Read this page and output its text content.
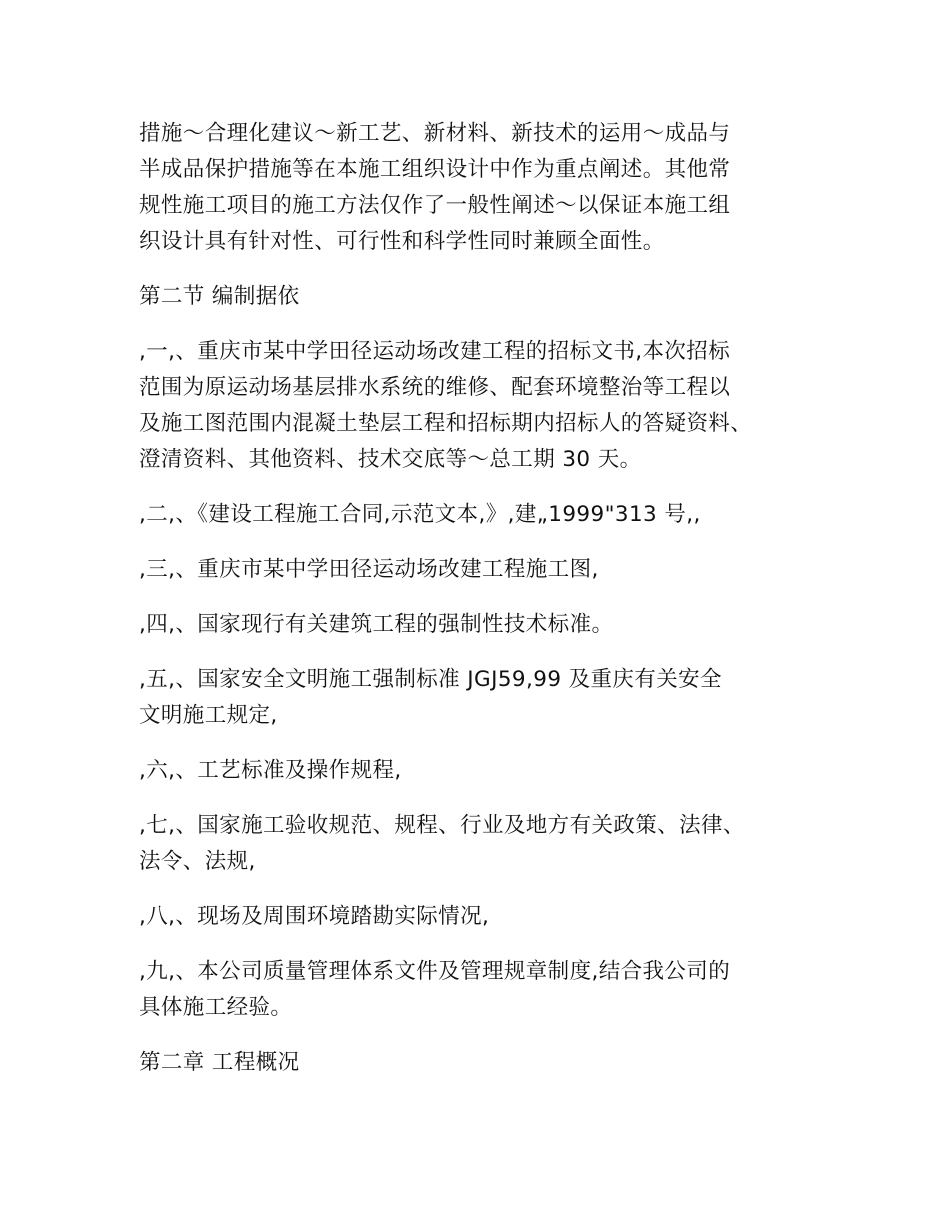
措施～合理化建议～新工艺、新材料、新技术的运用～成品与
半成品保护措施等在本施工组织设计中作为重点阐述。其他常
规性施工项目的施工方法仅作了一般性阐述～以保证本施工组
织设计具有针对性、可行性和科学性同时兼顾全面性。

第二节 编制据依

,一,、重庆市某中学田径运动场改建工程的招标文书,本次招标
范围为原运动场基层排水系统的维修、配套环境整治等工程以
及施工图范围内混凝土垫层工程和招标期内招标人的答疑资料、
澄清资料、其他资料、技术交底等～总工期 30 天。

,二,、《建设工程施工合同,示范文本,》,建„1999"313 号,,

,三,、重庆市某中学田径运动场改建工程施工图,

,四,、国家现行有关建筑工程的强制性技术标准。

,五,、国家安全文明施工强制标准 JGJ59,99 及重庆有关安全
文明施工规定,

,六,、工艺标准及操作规程,

,七,、国家施工验收规范、规程、行业及地方有关政策、法律、
法令、法规,

,八,、现场及周围环境踏勘实际情况,

,九,、本公司质量管理体系文件及管理规章制度,结合我公司的
具体施工经验。

第二章 工程概况
